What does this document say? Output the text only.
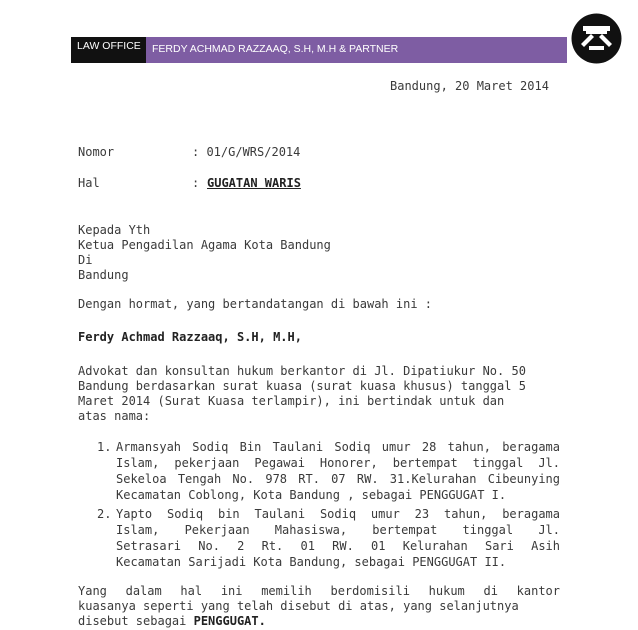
LAW OFFICE	FERDY ACHMAD RAZZAAQ, S.H, M.H & PARTNER

Bandung, 20 Maret 2014

Nomor	: 01/G/WRS/2014

Hal	: GUGATAN WARIS

Kepada Yth

Ketua Pengadilan Agama Kota Bandung

Di

Bandung

Dengan hormat, yang bertandatangan di bawah ini :

Ferdy Achmad Razzaaq, S.H, M.H,

Advokat dan konsultan hukum berkantor di Jl. Dipatiukur No. 50

Bandung berdasarkan surat kuasa (surat kuasa khusus) tanggal 5

Maret 2014 (Surat Kuasa terlampir), ini bertindak untuk dan

atas nama:

1. Armansyah Sodiq Bin Taulani Sodiq umur 28 tahun, beragama

Islam, pekerjaan Pegawai Honorer, bertempat tinggal Jl.

Sekeloa Tengah No. 978 RT. 07 RW. 31.Kelurahan Cibeunying

Kecamatan Coblong, Kota Bandung , sebagai PENGGUGAT I.

2. Yapto Sodiq bin Taulani Sodiq umur 23 tahun, beragama

Islam, Pekerjaan Mahasiswa, bertempat tinggal Jl.

Setrasari No. 2 Rt. 01 RW. 01 Kelurahan Sari Asih

Kecamatan Sarijadi Kota Bandung, sebagai PENGGUGAT II.

Yang dalam hal ini memilih berdomisili hukum di kantor

kuasanya seperti yang telah disebut di atas, yang selanjutnya

disebut sebagai PENGGUGAT.
